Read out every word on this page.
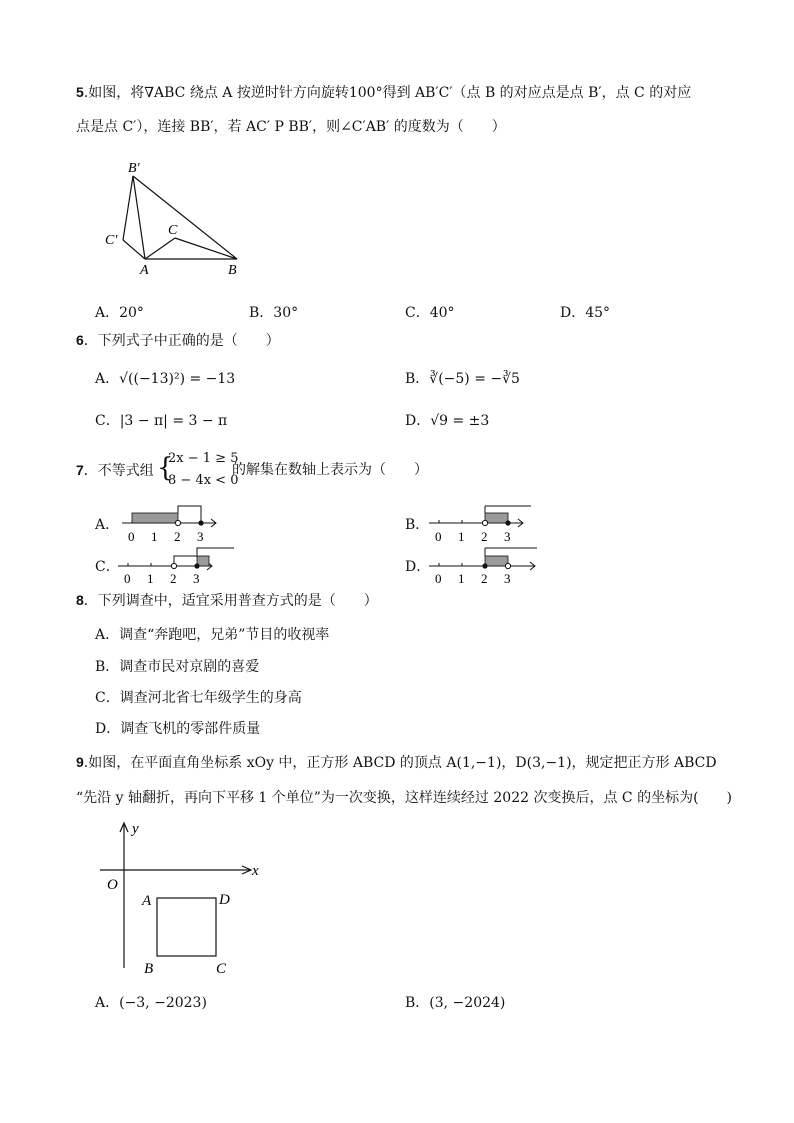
5.如图，将∇ABC 绕点 A 按逆时针方向旋转100°得到 AB′C′（点 B 的对应点是点 B′，点 C 的对应
点是点 C′），连接 BB′，若 AC′ P BB′，则∠C′AB′ 的度数为（　　）
B′
C′
C
A	B
A．20°	B．30°	C．40°	D．45°
6．下列式子中正确的是（　　）
A．√((−13)²) = −13	B．∛(−5) = −∛5
C．|3 − π| = 3 − π	D．√9 = ±3
7．不等式组 {
2x − 1 ≥ 5
8 − 4x < 0
的解集在数轴上表示为（　　）
A．
0 1 2 3
B．
0 1 2 3
C．
0 1 2 3
D．
0 1 2 3
8．下列调查中，适宜采用普查方式的是（　　）
A．调查“奔跑吧，兄弟”节目的收视率
B．调查市民对京剧的喜爱
C．调查河北省七年级学生的身高
D．调查飞机的零部件质量
9.如图，在平面直角坐标系 xOy 中，正方形 ABCD 的顶点 A(1,−1)，D(3,−1)，规定把正方形 ABCD
“先沿 y 轴翻折，再向下平移 1 个单位”为一次变换，这样连续经过 2022 次变换后，点 C 的坐标为(　　)
y
x
O
A	D
B	C
A．(−3, −2023)	B．(3, −2024)
